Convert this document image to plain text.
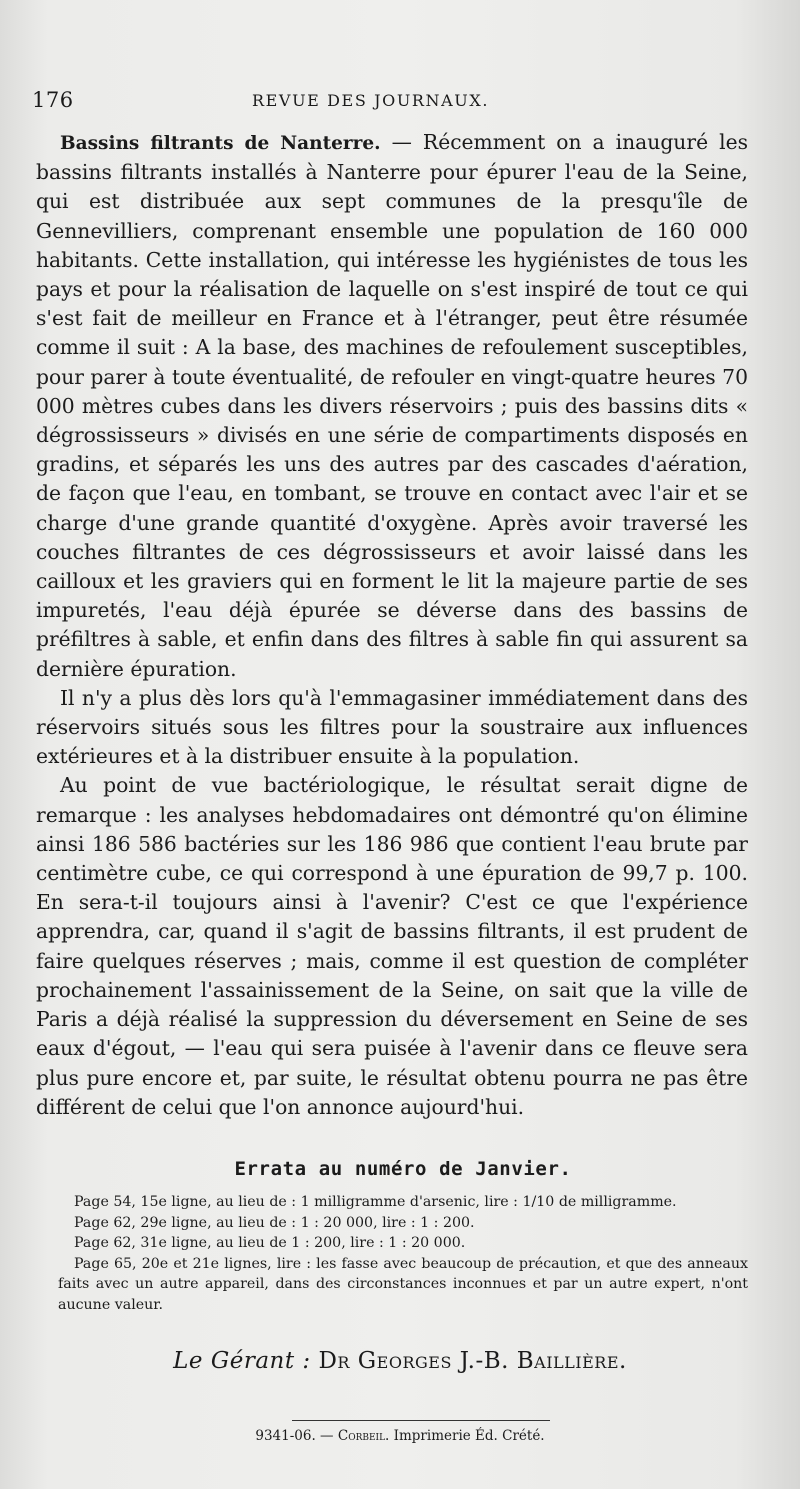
176	REVUE DES JOURNAUX.

Bassins filtrants de Nanterre. — Récemment on a inauguré les bassins filtrants installés à Nanterre pour épurer l'eau de la Seine, qui est distribuée aux sept communes de la presqu'île de Gennevilliers, comprenant ensemble une population de 160 000 habitants. Cette installation, qui intéresse les hygiénistes de tous les pays et pour la réalisation de laquelle on s'est inspiré de tout ce qui s'est fait de meilleur en France et à l'étranger, peut être résumée comme il suit : A la base, des machines de refoulement susceptibles, pour parer à toute éventualité, de refouler en vingt-quatre heures 70 000 mètres cubes dans les divers réservoirs ; puis des bassins dits « dégrossisseurs » divisés en une série de compartiments disposés en gradins, et séparés les uns des autres par des cascades d'aération, de façon que l'eau, en tombant, se trouve en contact avec l'air et se charge d'une grande quantité d'oxygène. Après avoir traversé les couches filtrantes de ces dégrossisseurs et avoir laissé dans les cailloux et les graviers qui en forment le lit la majeure partie de ses impuretés, l'eau déjà épurée se déverse dans des bassins de préfiltres à sable, et enfin dans des filtres à sable fin qui assurent sa dernière épuration.

Il n'y a plus dès lors qu'à l'emmagasiner immédiatement dans des réservoirs situés sous les filtres pour la soustraire aux influences extérieures et à la distribuer ensuite à la population.

Au point de vue bactériologique, le résultat serait digne de remarque : les analyses hebdomadaires ont démontré qu'on élimine ainsi 186 586 bactéries sur les 186 986 que contient l'eau brute par centimètre cube, ce qui correspond à une épuration de 99,7 p. 100. En sera-t-il toujours ainsi à l'avenir? C'est ce que l'expérience apprendra, car, quand il s'agit de bassins filtrants, il est prudent de faire quelques réserves ; mais, comme il est question de compléter prochainement l'assainissement de la Seine, on sait que la ville de Paris a déjà réalisé la suppression du déversement en Seine de ses eaux d'égout, — l'eau qui sera puisée à l'avenir dans ce fleuve sera plus pure encore et, par suite, le résultat obtenu pourra ne pas être différent de celui que l'on annonce aujourd'hui.

Errata au numéro de Janvier.

Page 54, 15e ligne, au lieu de : 1 milligramme d'arsenic, lire : 1/10 de milligramme.

Page 62, 29e ligne, au lieu de : 1 : 20 000, lire : 1 : 200.

Page 62, 31e ligne, au lieu de 1 : 200, lire : 1 : 20 000.

Page 65, 20e et 21e lignes, lire : les fasse avec beaucoup de précaution, et que des anneaux faits avec un autre appareil, dans des circonstances inconnues et par un autre expert, n'ont aucune valeur.

Le Gérant : Dr Georges J.-B. Baillière.
9341-06. — Corbeil. Imprimerie Éd. Crété.
